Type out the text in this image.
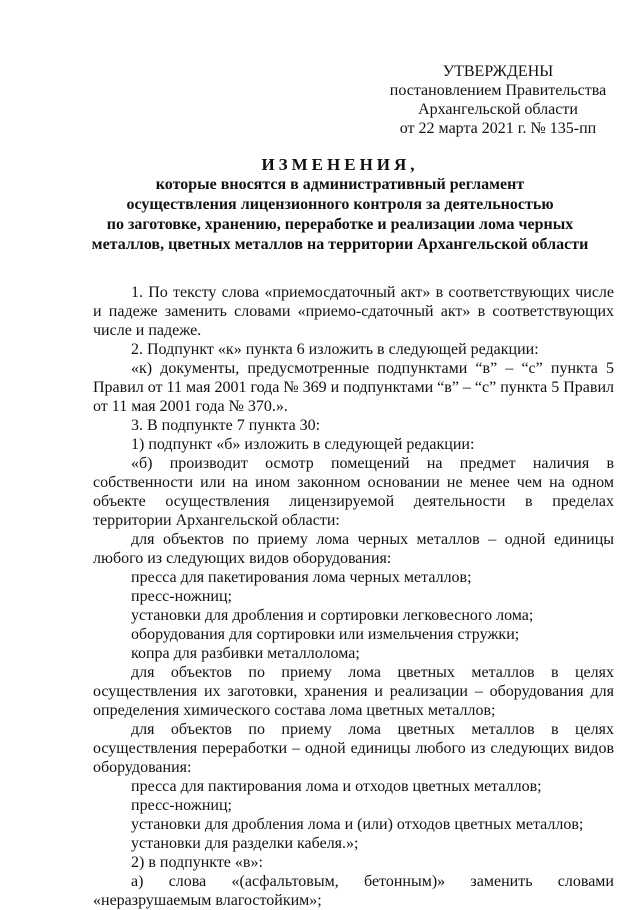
УТВЕРЖДЕНЫ
постановлением Правительства
Архангельской области
от 22 марта 2021 г. № 135-пп
ИЗМЕНЕНИЯ,
которые вносятся в административный регламент
осуществления лицензионного контроля за деятельностью
по заготовке, хранению, переработке и реализации лома черных
металлов, цветных металлов на территории Архангельской области

1. По тексту слова «приемосдаточный акт» в соответствующих числе и падеже заменить словами «приемо-сдаточный акт» в соответствующих числе и падеже.

2. Подпункт «к» пункта 6 изложить в следующей редакции:

«к) документы, предусмотренные подпунктами “в” – “с” пункта 5 Правил от 11 мая 2001 года № 369 и подпунктами “в” – “с” пункта 5 Правил от 11 мая 2001 года № 370.».

3. В подпункте 7 пункта 30:

1) подпункт «б» изложить в следующей редакции:

«б) производит осмотр помещений на предмет наличия в собственности или на ином законном основании не менее чем на одном объекте осуществления лицензируемой деятельности в пределах территории Архангельской области:

для объектов по приему лома черных металлов – одной единицы любого из следующих видов оборудования:

пресса для пакетирования лома черных металлов;

пресс-ножниц;

установки для дробления и сортировки легковесного лома;

оборудования для сортировки или измельчения стружки;

копра для разбивки металлолома;

для объектов по приему лома цветных металлов в целях осуществления их заготовки, хранения и реализации – оборудования для определения химического состава лома цветных металлов;

для объектов по приему лома цветных металлов в целях осуществления переработки – одной единицы любого из следующих видов оборудования:

пресса для пактирования лома и отходов цветных металлов;

пресс-ножниц;

установки для дробления лома и (или) отходов цветных металлов;

установки для разделки кабеля.»;

2) в подпункте «в»:

а) слова «(асфальтовым, бетонным)» заменить словами «неразрушаемым влагостойким»;
